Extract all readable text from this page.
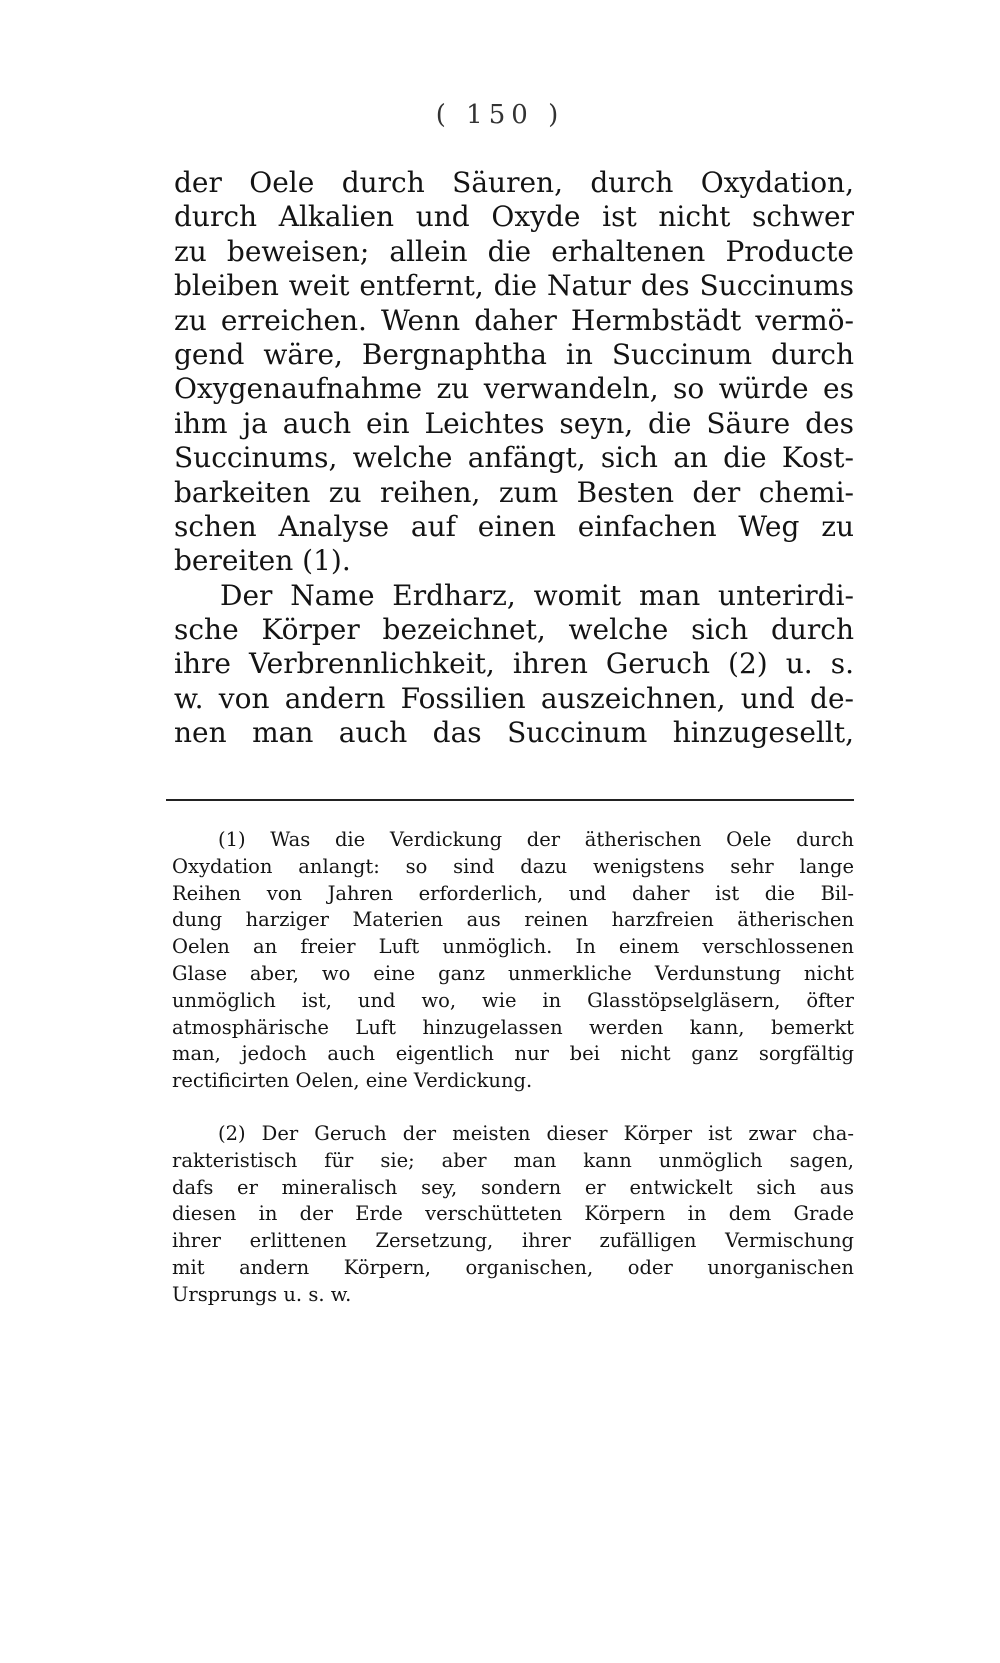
( 150 )
der Oele durch Säuren, durch Oxydation,
durch Alkalien und Oxyde ist nicht schwer
zu beweisen; allein die erhaltenen Producte
bleiben weit entfernt, die Natur des Succinums
zu erreichen. Wenn daher Hermbstädt vermö-
gend wäre, Bergnaphtha in Succinum durch
Oxygenaufnahme zu verwandeln, so würde es
ihm ja auch ein Leichtes seyn, die Säure des
Succinums, welche anfängt, sich an die Kost-
barkeiten zu reihen, zum Besten der chemi-
schen Analyse auf einen einfachen Weg zu
bereiten (1).
Der Name Erdharz, womit man unterirdi-
sche Körper bezeichnet, welche sich durch
ihre Verbrennlichkeit, ihren Geruch (2) u. s.
w. von andern Fossilien auszeichnen, und de-
nen man auch das Succinum hinzugesellt,
(1) Was die Verdickung der ätherischen Oele durch
Oxydation anlangt: so sind dazu wenigstens sehr lange
Reihen von Jahren erforderlich, und daher ist die Bil-
dung harziger Materien aus reinen harzfreien ätherischen
Oelen an freier Luft unmöglich. In einem verschlossenen
Glase aber, wo eine ganz unmerkliche Verdunstung nicht
unmöglich ist, und wo, wie in Glasstöpselgläsern, öfter
atmosphärische Luft hinzugelassen werden kann, bemerkt
man, jedoch auch eigentlich nur bei nicht ganz sorgfältig
rectificirten Oelen, eine Verdickung.
(2) Der Geruch der meisten dieser Körper ist zwar cha-
rakteristisch für sie; aber man kann unmöglich sagen,
dafs er mineralisch sey, sondern er entwickelt sich aus
diesen in der Erde verschütteten Körpern in dem Grade
ihrer erlittenen Zersetzung, ihrer zufälligen Vermischung
mit andern Körpern, organischen, oder unorganischen
Ursprungs u. s. w.
